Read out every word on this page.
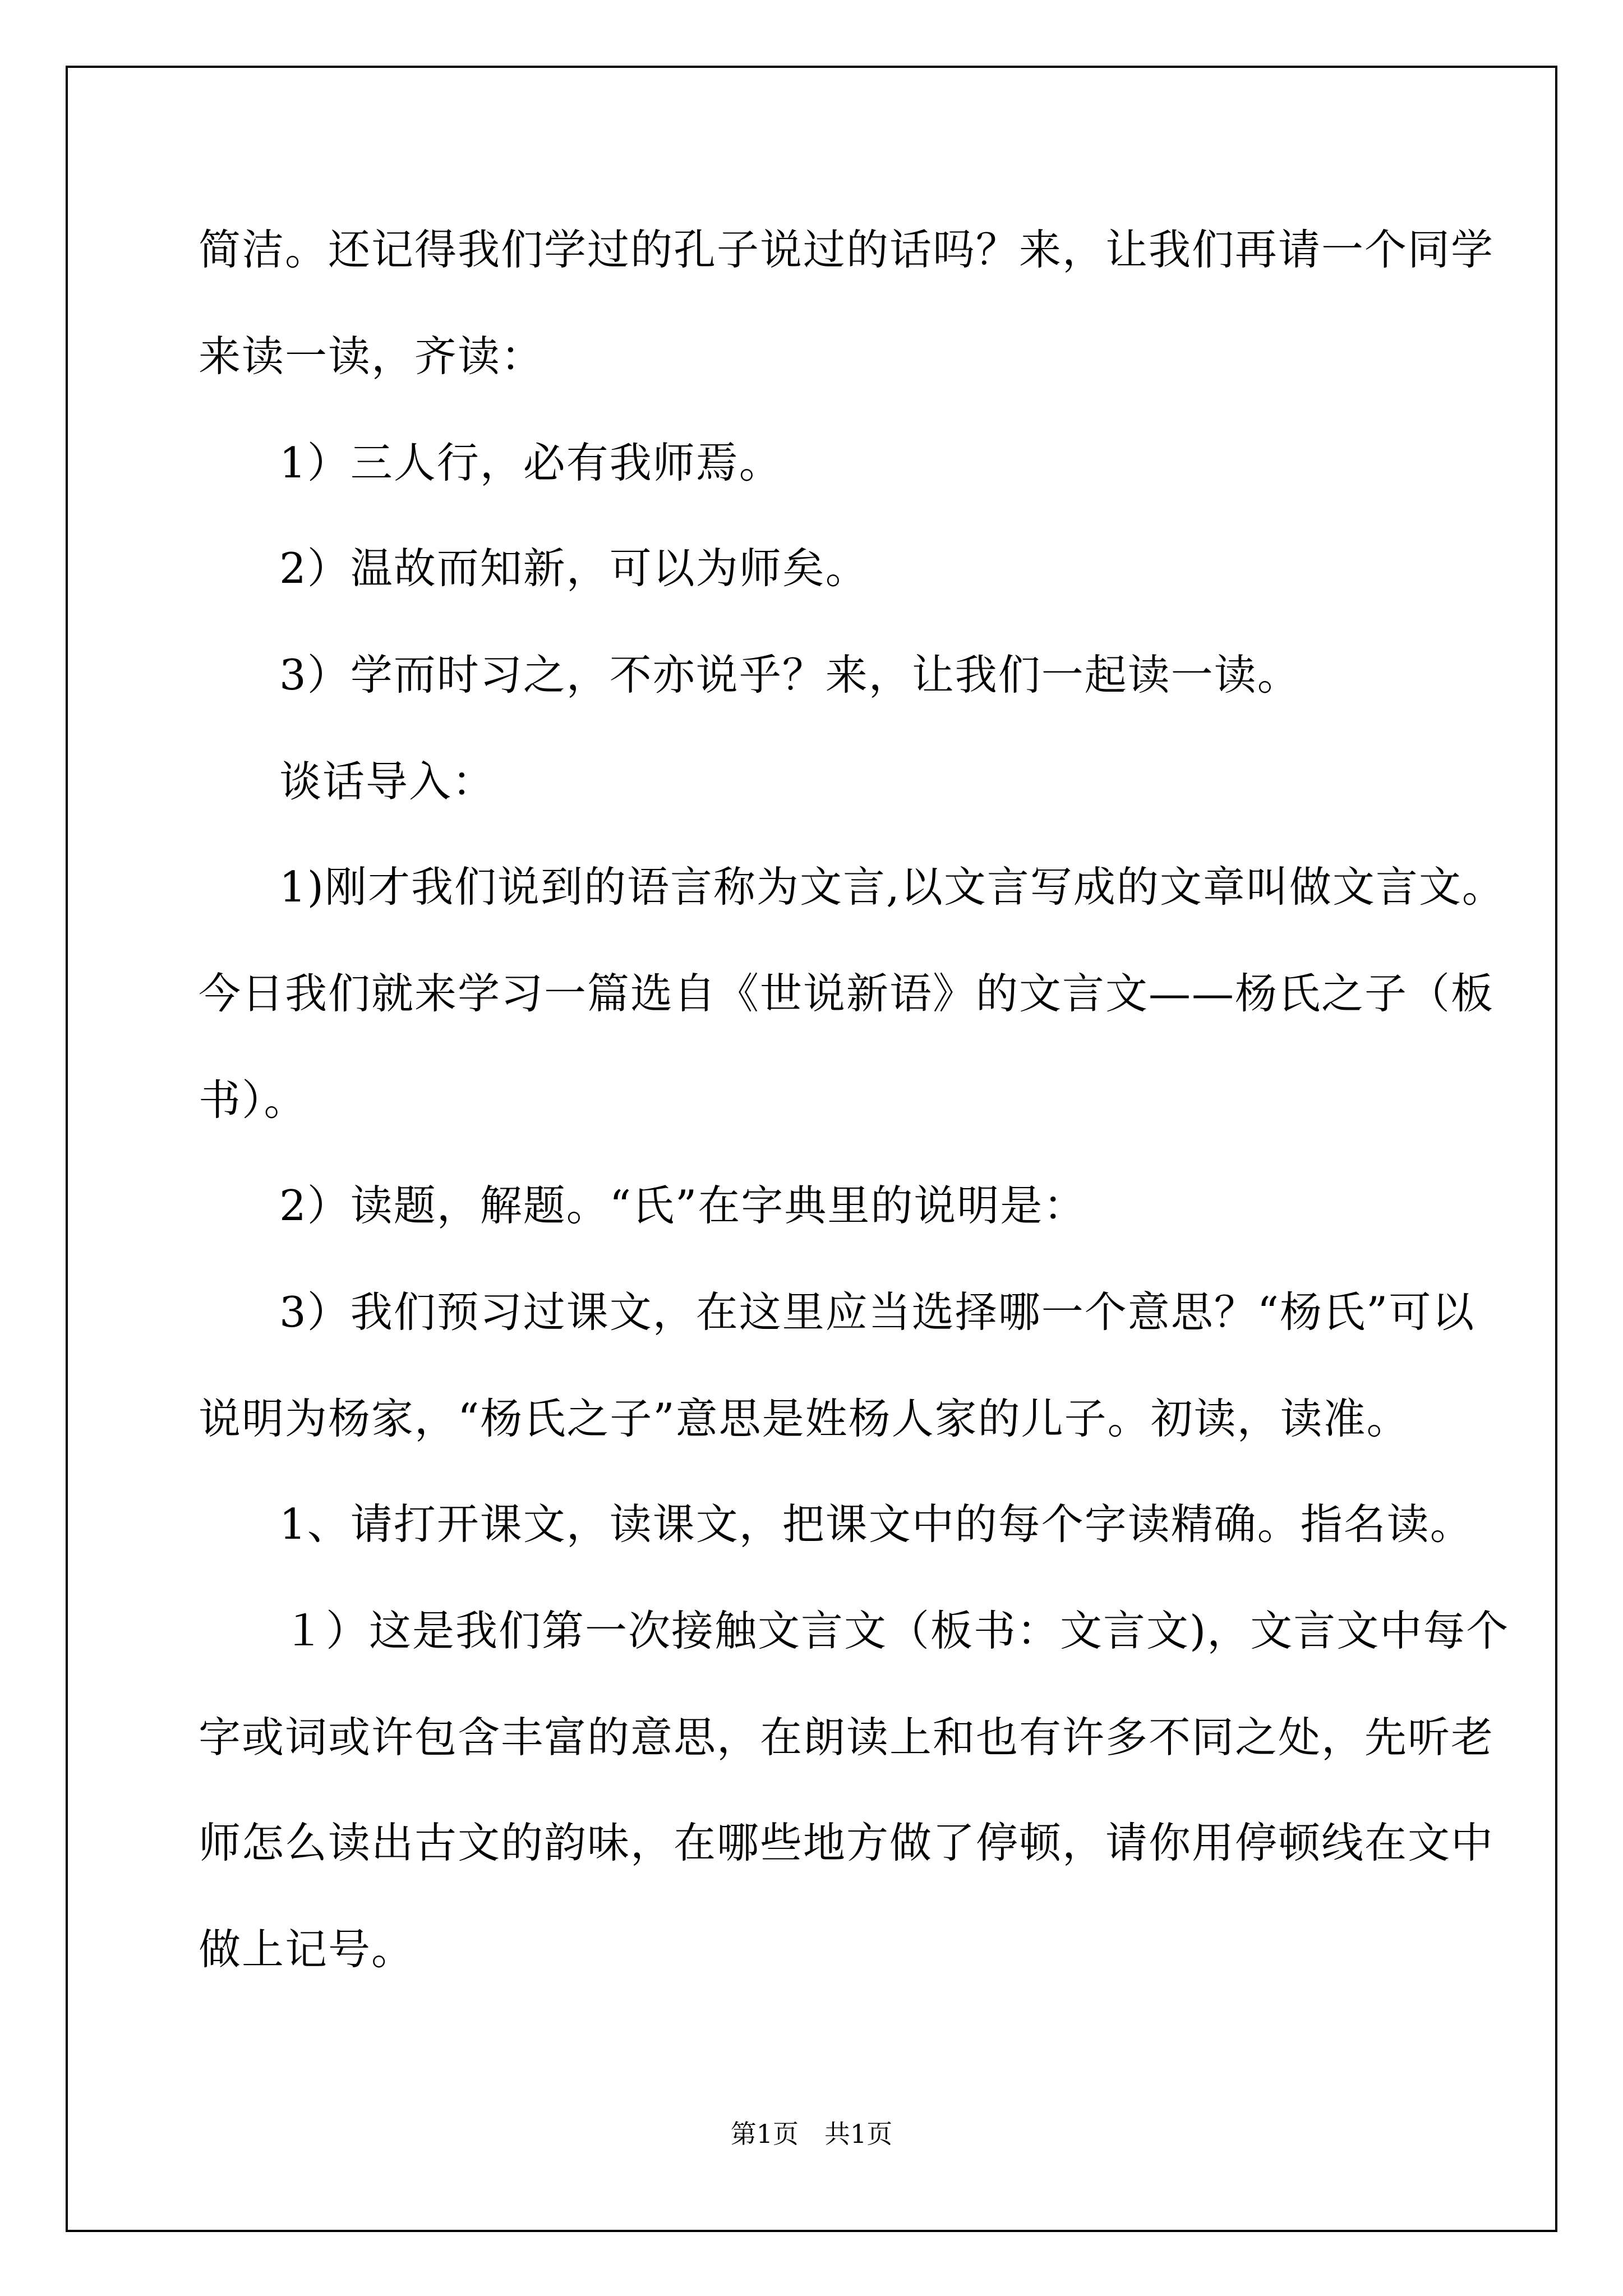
简洁。还记得我们学过的孔子说过的话吗？来，让我们再请一个同学
来读一读，齐读：
1）三人行，必有我师焉。
2）温故而知新，可以为师矣。
3）学而时习之，不亦说乎？来，让我们一起读一读。
谈话导入：
1)刚才我们说到的语言称为文言,以文言写成的文章叫做文言文。
今日我们就来学习一篇选自《世说新语》的文言文——杨氏之子（板
书）。
2）读题，解题。“氏”在字典里的说明是：
3）我们预习过课文，在这里应当选择哪一个意思？“杨氏”可以
说明为杨家，“杨氏之子”意思是姓杨人家的儿子。初读，读准。
1、请打开课文，读课文，把课文中的每个字读精确。指名读。
１）这是我们第一次接触文言文（板书：文言文)，文言文中每个
字或词或许包含丰富的意思，在朗读上和也有许多不同之处，先听老
师怎么读出古文的韵味，在哪些地方做了停顿，请你用停顿线在文中
做上记号。
第1页　共1页
